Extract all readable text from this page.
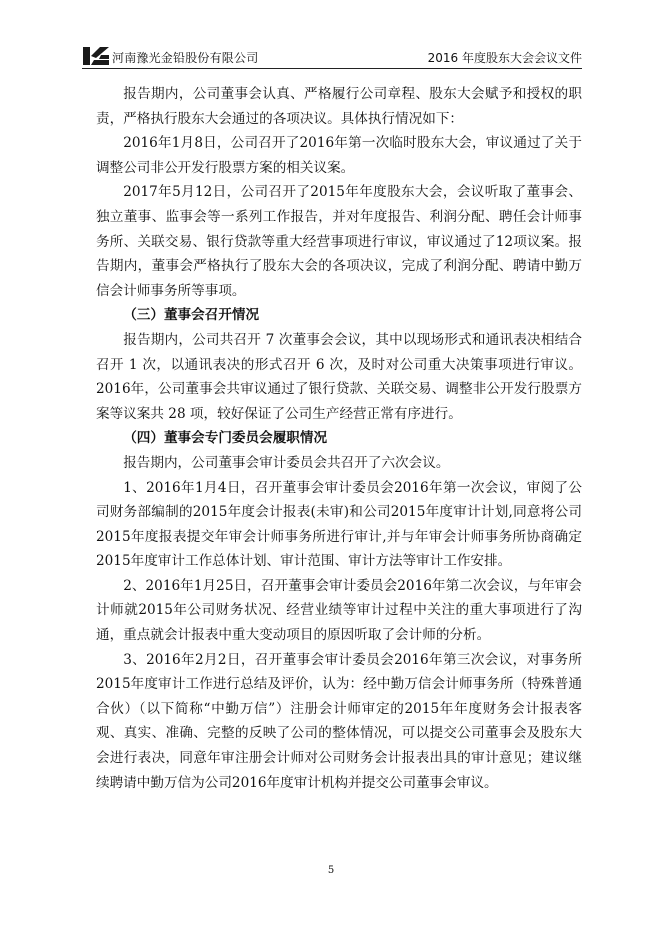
河南豫光金铅股份有限公司	2016 年度股东大会会议文件

报告期内，公司董事会认真、严格履行公司章程、股东大会赋予和授权的职责，严格执行股东大会通过的各项决议。具体执行情况如下：

2016年1月8日，公司召开了2016年第一次临时股东大会，审议通过了关于调整公司非公开发行股票方案的相关议案。

2017年5月12日，公司召开了2015年年度股东大会，会议听取了董事会、独立董事、监事会等一系列工作报告，并对年度报告、利润分配、聘任会计师事务所、关联交易、银行贷款等重大经营事项进行审议，审议通过了12项议案。报告期内，董事会严格执行了股东大会的各项决议，完成了利润分配、聘请中勤万信会计师事务所等事项。

（三）董事会召开情况

报告期内，公司共召开 7 次董事会会议，其中以现场形式和通讯表决相结合召开 1 次，以通讯表决的形式召开 6 次，及时对公司重大决策事项进行审议。2016年，公司董事会共审议通过了银行贷款、关联交易、调整非公开发行股票方案等议案共 28 项，较好保证了公司生产经营正常有序进行。

（四）董事会专门委员会履职情况

报告期内，公司董事会审计委员会共召开了六次会议。

1、2016年1月4日，召开董事会审计委员会2016年第一次会议，审阅了公司财务部编制的2015年度会计报表(未审)和公司2015年度审计计划,同意将公司2015年度报表提交年审会计师事务所进行审计,并与年审会计师事务所协商确定2015年度审计工作总体计划、审计范围、审计方法等审计工作安排。

2、2016年1月25日，召开董事会审计委员会2016年第二次会议，与年审会计师就2015年公司财务状况、经营业绩等审计过程中关注的重大事项进行了沟通，重点就会计报表中重大变动项目的原因听取了会计师的分析。

3、2016年2月2日，召开董事会审计委员会2016年第三次会议，对事务所2015年度审计工作进行总结及评价，认为：经中勤万信会计师事务所（特殊普通合伙）（以下简称“中勤万信”）注册会计师审定的2015年年度财务会计报表客观、真实、准确、完整的反映了公司的整体情况，可以提交公司董事会及股东大会进行表决，同意年审注册会计师对公司财务会计报表出具的审计意见；建议继续聘请中勤万信为公司2016年度审计机构并提交公司董事会审议。

5
